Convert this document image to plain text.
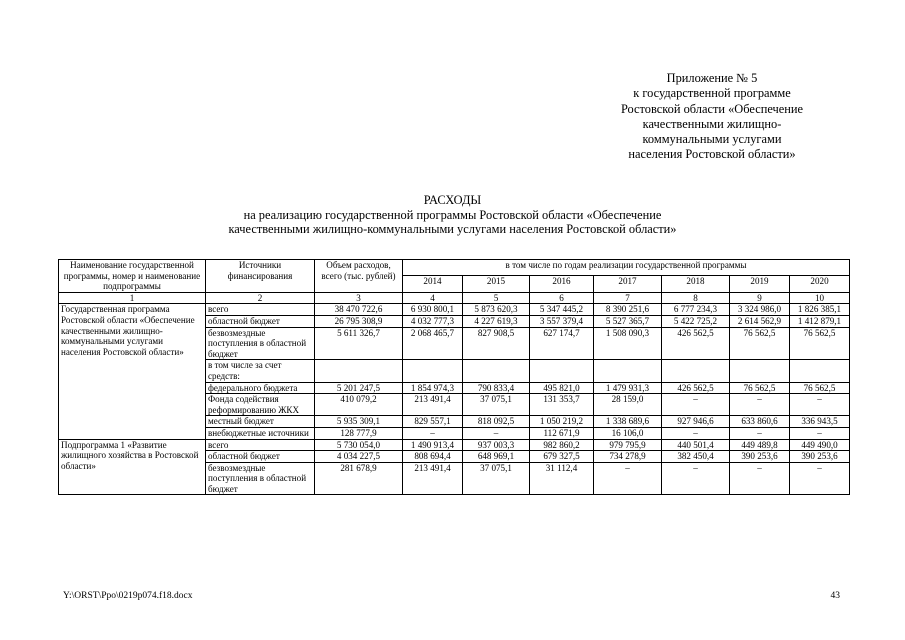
Приложение № 5
к государственной программе
Ростовской области «Обеспечение
качественными жилищно-
коммунальными услугами
населения Ростовской области»
РАСХОДЫ
на реализацию государственной программы Ростовской области «Обеспечение
качественными жилищно-коммунальными услугами населения Ростовской области»
Наименование государственной программы, номер и наименование подпрограммы	Источники финансирования	Объем расходов, всего (тыс. рублей)	в том числе по годам реализации государственной программы						
			2014	2015	2016	2017	2018	2019	2020
1	2	3	4	5	6	7	8	9	10
Государственная программа Ростовской области «Обеспечение качественными жилищно-коммунальными услугами населения Ростовской области»	всего	38 470 722,6	6 930 800,1	5 873 620,3	5 347 445,2	8 390 251,6	6 777 234,3	3 324 986,0	1 826 385,1
	областной бюджет	26 795 308,9	4 032 777,3	4 227 619,3	3 557 379,4	5 527 365,7	5 422 725,2	2 614 562,9	1 412 879,1
	безвозмездные поступления в областной бюджет	5 611 326,7	2 068 465,7	827 908,5	627 174,7	1 508 090,3	426 562,5	76 562,5	76 562,5
	в том числе за счет средств:								
	федерального бюджета	5 201 247,5	1 854 974,3	790 833,4	495 821,0	1 479 931,3	426 562,5	76 562,5	76 562,5
	Фонда содействия реформированию ЖКХ	410 079,2	213 491,4	37 075,1	131 353,7	28 159,0	–	–	–
	местный бюджет	5 935 309,1	829 557,1	818 092,5	1 050 219,2	1 338 689,6	927 946,6	633 860,6	336 943,5
	внебюджетные источники	128 777,9	–	–	112 671,9	16 106,0	–	–	–
Подпрограмма 1 «Развитие жилищного хозяйства в Ростовской области»	всего	5 730 054,0	1 490 913,4	937 003,3	982 860,2	979 795,9	440 501,4	449 489,8	449 490,0
	областной бюджет	4 034 227,5	808 694,4	648 969,1	679 327,5	734 278,9	382 450,4	390 253,6	390 253,6
	безвозмездные поступления в областной бюджет	281 678,9	213 491,4	37 075,1	31 112,4	–	–	–	–
Y:\ORST\Ppo\0219p074.f18.docx	43
